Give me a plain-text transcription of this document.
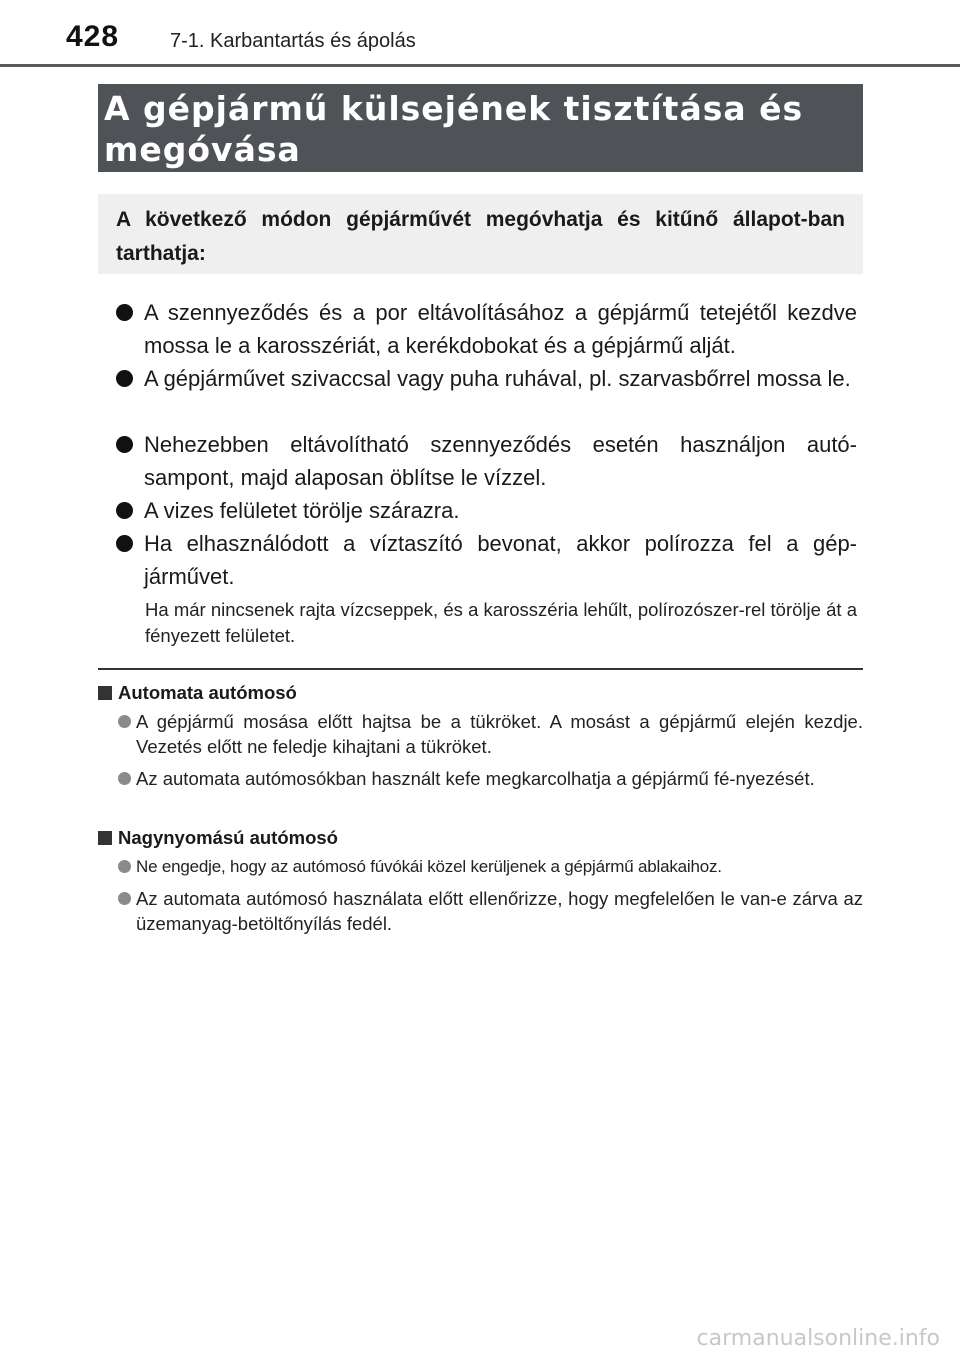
428	7-1. Karbantartás és ápolás
A gépjármű külsejének tisztítása és
megóvása
A következő módon gépjárművét megóvhatja és kitűnő állapot-ban tarthatja:
A szennyeződés és a por eltávolításához a gépjármű tetejétől kezdve mossa le a karosszériát, a kerékdobokat és a gépjármű alját.
A gépjárművet szivaccsal vagy puha ruhával, pl. szarvasbőrrel mossa le.
Nehezebben eltávolítható szennyeződés esetén használjon autó-sampont, majd alaposan öblítse le vízzel.
A vizes felületet törölje szárazra.
Ha elhasználódott a víztaszító bevonat, akkor polírozza fel a gép-járművet.
Ha már nincsenek rajta vízcseppek, és a karosszéria lehűlt, polírozószer-rel törölje át a fényezett felületet.
Automata autómosó
A gépjármű mosása előtt hajtsa be a tükröket. A mosást a gépjármű elején kezdje. Vezetés előtt ne feledje kihajtani a tükröket.
Az automata autómosókban használt kefe megkarcolhatja a gépjármű fé-nyezését.
Nagynyomású autómosó
Ne engedje, hogy az autómosó fúvókái közel kerüljenek a gépjármű ablakaihoz.
Az automata autómosó használata előtt ellenőrizze, hogy megfelelően le van-e zárva az üzemanyag-betöltőnyílás fedél.
carmanualsonline.info
